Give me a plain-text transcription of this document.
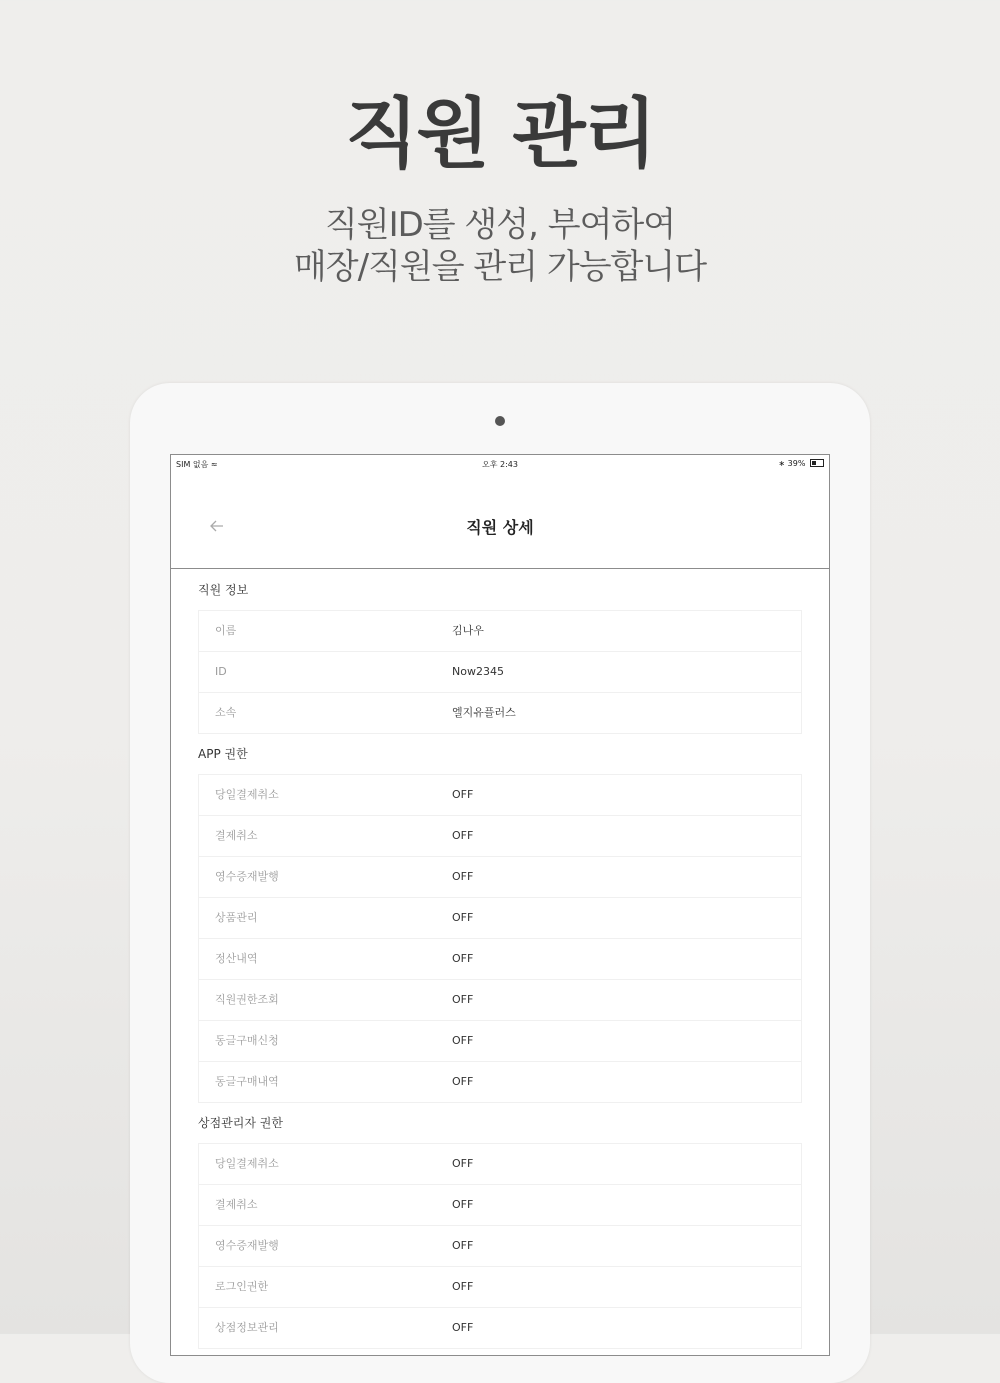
직원 관리
직원ID를 생성, 부여하여
매장/직원을 관리 가능합니다
SIM 없음 ≈	오후 2:43	∗ 39%
직원 상세
직원 정보
이름	김나우
ID	Now2345
소속	엘지유플러스
APP 권한
당일결제취소	OFF
결제취소	OFF
영수증재발행	OFF
상품관리	OFF
정산내역	OFF
직원권한조회	OFF
동글구매신청	OFF
동글구매내역	OFF
상점관리자 권한
당일결제취소	OFF
결제취소	OFF
영수증재발행	OFF
로그인권한	OFF
상점정보관리	OFF
